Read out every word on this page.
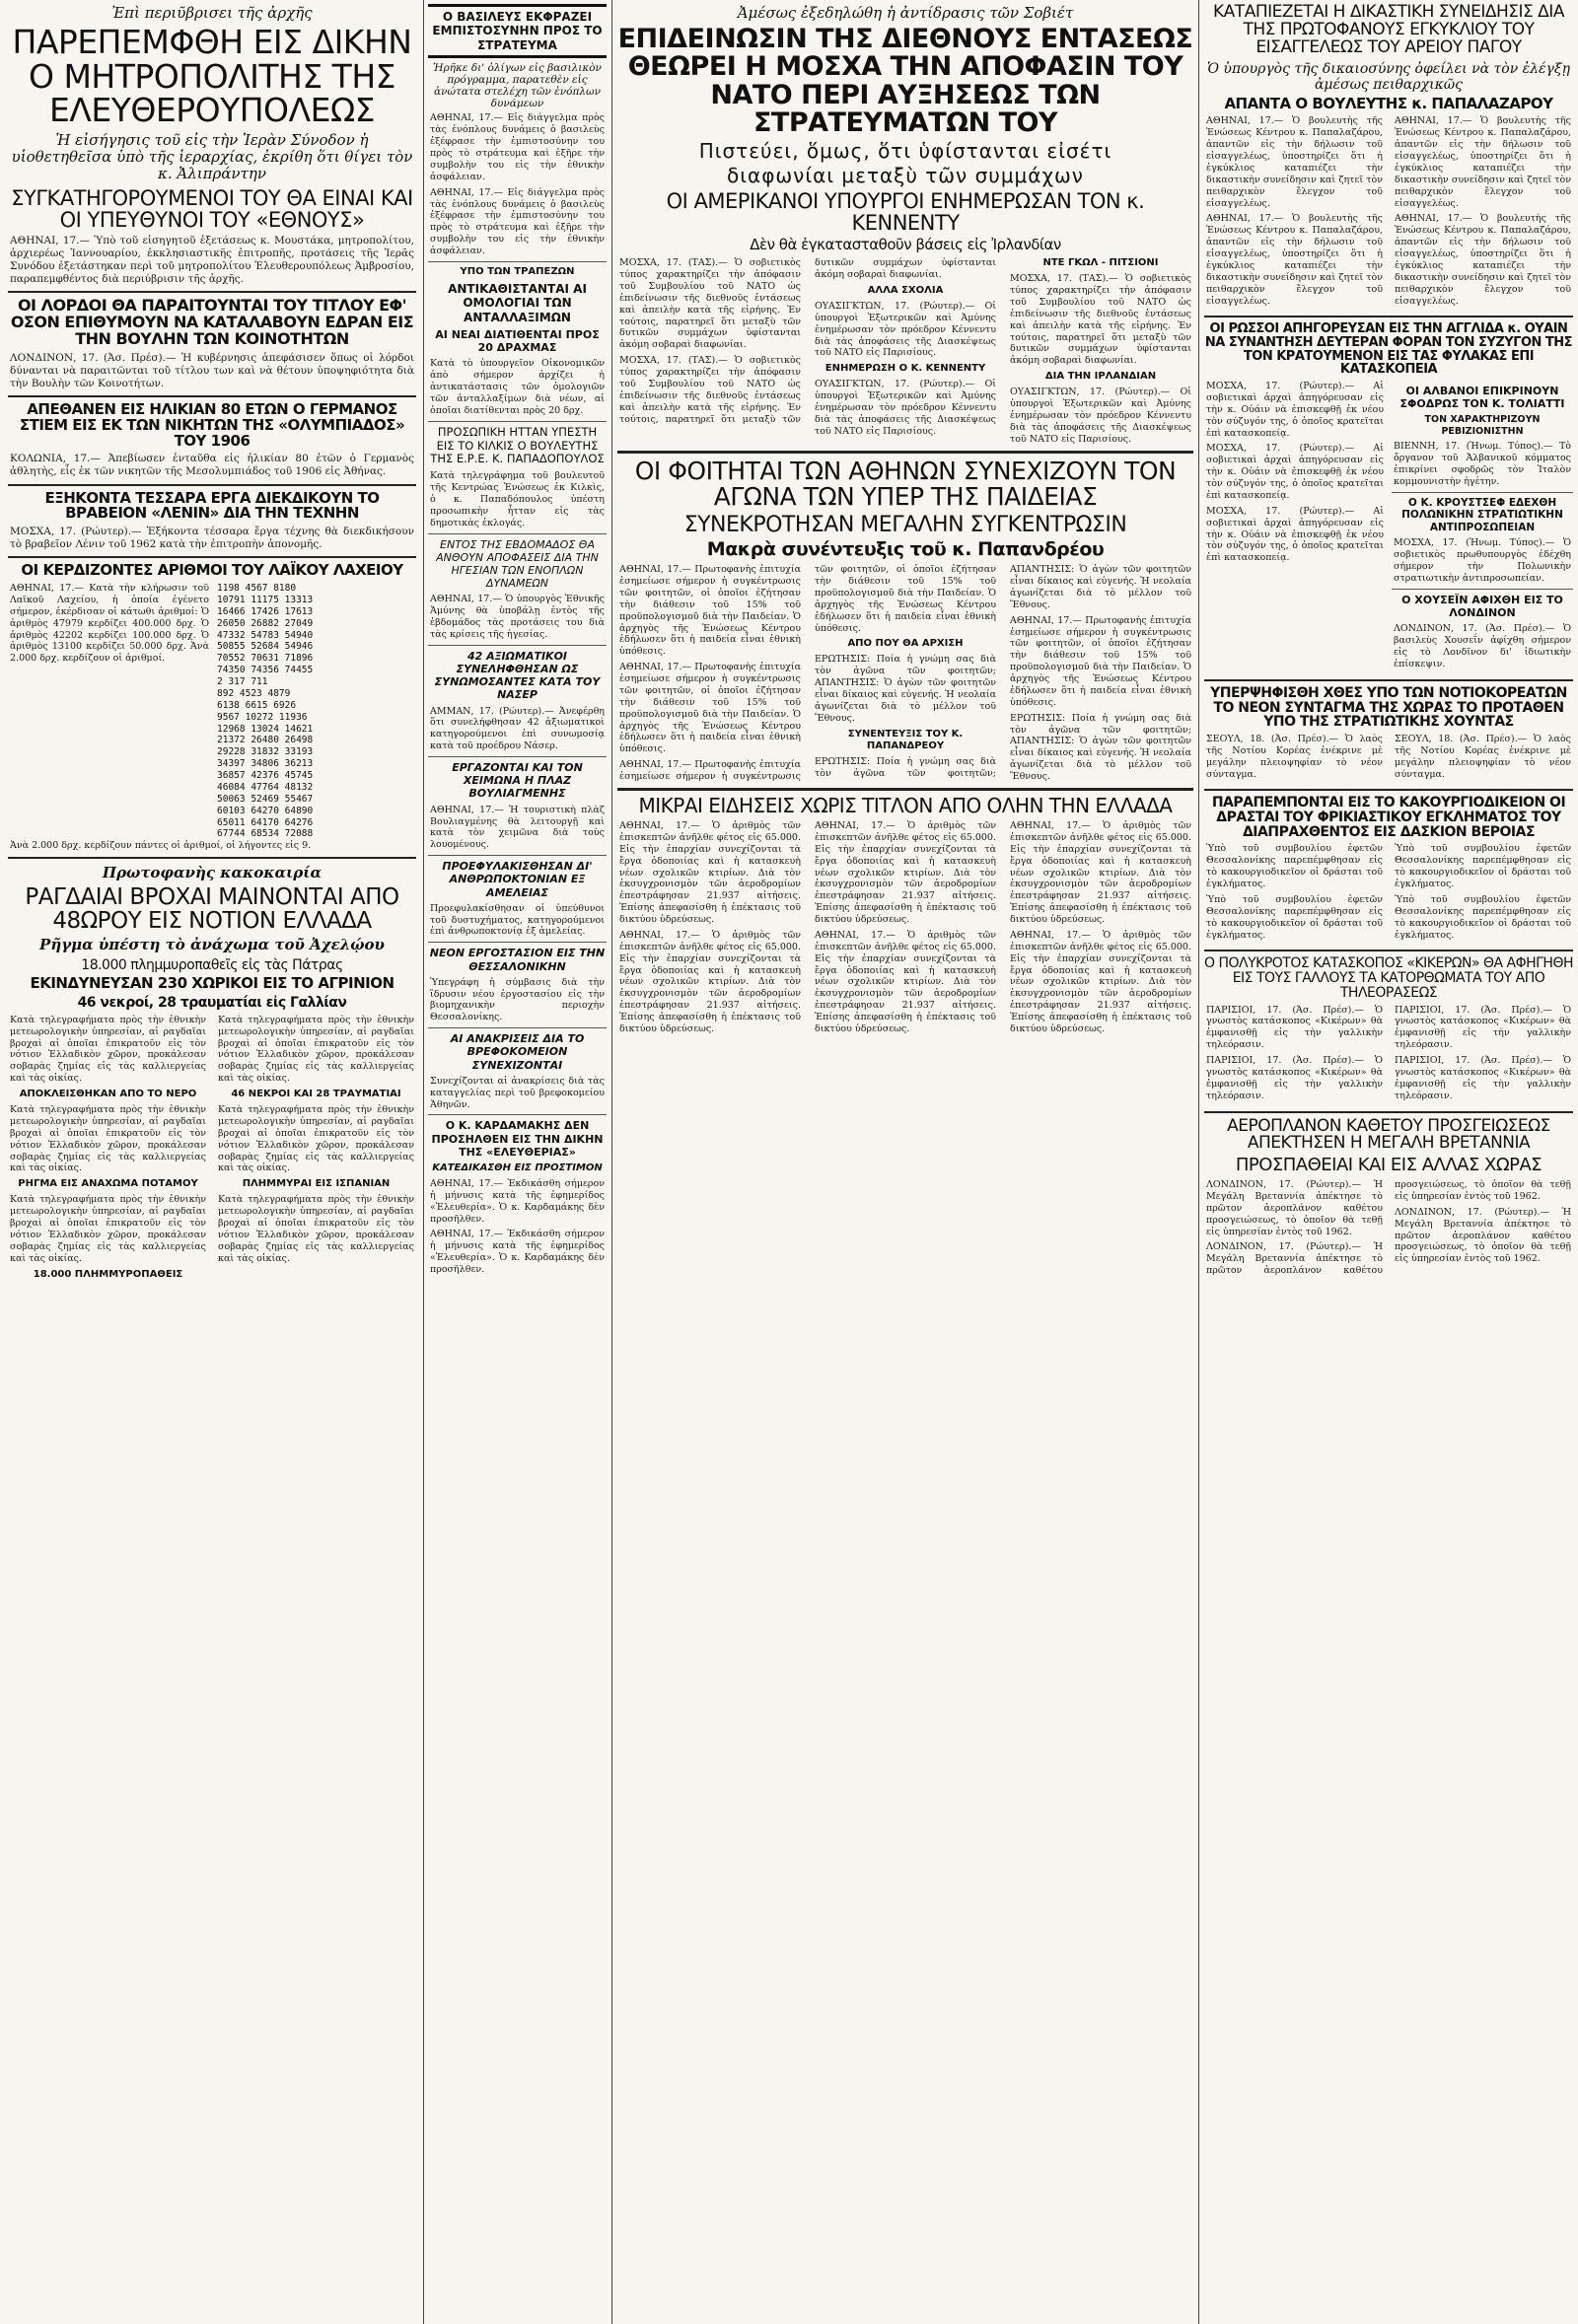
Ἐπὶ περιῦβρισει τῆς ἀρχῆς
ΠΑΡΕΠΕΜΦΘΗ ΕΙΣ ΔΙΚΗΝ Ο ΜΗΤΡΟΠΟΛΙΤΗΣ ΤΗΣ ΕΛΕΥΘΕΡΟΥΠΟΛΕΩΣ
Ἡ εἰσήγησις τοῦ εἰς τὴν Ἱερὰν Σύνοδον ἡ υἱοθετηθεῖσα ὑπὸ τῆς ἱεραρχίας, ἐκρίθη ὅτι θίγει τὸν κ. Ἀλιπράντην
ΣΥΓΚΑΤΗΓΟΡΟΥΜΕΝΟΙ ΤΟΥ ΘΑ ΕΙΝΑΙ ΚΑΙ ΟΙ ΥΠΕΥΘΥΝΟΙ ΤΟΥ «ΕΘΝΟΥΣ»
ΑΘΗΝΑΙ, 17.— Ὑπὸ τοῦ εἰσηγητοῦ ἐξετάσεως κ. Μουστάκα, μητροπολίτου, ἀρχιερέως Ἰαννουαρίου, ἐκκλησιαστικῆς ἐπιτροπῆς, προτάσεις τῆς Ἱερᾶς Συνόδου ἐξετάστηκαν περὶ τοῦ μητροπολίτου Ἐλευθερουπόλεως Ἀμβροσίου, παραπεμφθέντος διὰ περιύβρισιν τῆς ἀρχῆς.
ΟΙ ΛΟΡΔΟΙ ΘΑ ΠΑΡΑΙΤΟΥΝΤΑΙ ΤΟΥ ΤΙΤΛΟΥ ΕΦ' ΟΣΟΝ ΕΠΙΘΥΜΟΥΝ ΝΑ ΚΑΤΑΛΑΒΟΥΝ ΕΔΡΑΝ ΕΙΣ ΤΗΝ ΒΟΥΛΗΝ ΤΩΝ ΚΟΙΝΟΤΗΤΩΝ
ΛΟΝΔΙΝΟΝ, 17. (Ἀσ. Πρέσ).— Ἡ κυβέρνησις ἀπεφάσισεν ὅπως οἱ λόρδοι δύνανται νὰ παραιτῶνται τοῦ τίτλου των καὶ νὰ θέτουν ὑποψηφιότητα διὰ τὴν Βουλὴν τῶν Κοινοτήτων.
ΑΠΕΘΑΝΕΝ ΕΙΣ ΗΛΙΚΙΑΝ 80 ΕΤΩΝ Ο ΓΕΡΜΑΝΟΣ ΣΤΙΕΜ ΕΙΣ ΕΚ ΤΩΝ ΝΙΚΗΤΩΝ ΤΗΣ «ΟΛΥΜΠΙΑΔΟΣ» ΤΟΥ 1906
ΚΟΛΩΝΙΑ, 17.— Ἀπεβίωσεν ἐνταῦθα εἰς ἡλικίαν 80 ἐτῶν ὁ Γερμανὸς ἀθλητὴς, εἷς ἐκ τῶν νικητῶν τῆς Μεσολυμπιάδος τοῦ 1906 εἰς Ἀθήνας.
ΕΞΗΚΟΝΤΑ ΤΕΣΣΑΡΑ ΕΡΓΑ ΔΙΕΚΔΙΚΟΥΝ ΤΟ ΒΡΑΒΕΙΟΝ «ΛΕΝΙΝ» ΔΙΑ ΤΗΝ ΤΕΧΝΗΝ
ΜΟΣΧΑ, 17. (Ρώυτερ).— Ἐξήκοντα τέσσαρα ἔργα τέχνης θὰ διεκδικήσουν τὸ βραβεῖον Λένιν τοῦ 1962 κατὰ τὴν ἐπιτροπὴν ἀπονομῆς.
ΟΙ ΚΕΡΔΙΖΟΝΤΕΣ ΑΡΙΘΜΟΙ ΤΟΥ ΛΑΪΚΟΥ ΛΑΧΕΙΟΥ
ΑΘΗΝΑΙ, 17.— Κατὰ τὴν κλήρωσιν τοῦ Λαϊκοῦ Λαχείου, ἡ ὁποία ἐγένετο σήμερον, ἐκέρδισαν οἱ κάτωθι ἀριθμοί: Ὁ ἀριθμὸς 47979 κερδίζει 400.000 δρχ. Ὁ ἀριθμὸς 42202 κερδίζει 100.000 δρχ. Ὁ ἀριθμὸς 13100 κερδίζει 50.000 δρχ. Ἀνὰ 2.000 δρχ. κερδίζουν οἱ ἀριθμοί.
1198 4567 8180
10791 11175 13313
16466 17426 17613
26050 26882 27049
47332 54783 54940
50855 52684 54946
70552 70631 71896
74350 74356 74455
2 317 711
892 4523 4879
6138 6615 6926
9567 10272 11936
12968 13024 14621
21372 26480 26498
29228 31832 33193
34397 34806 36213
36857 42376 45745
46084 47764 48132
50063 52469 55467
60103 64270 64890
65011 64170 64276
67744 68534 72088
Ἀνὰ 2.000 δρχ. κερδίζουν πάντες οἱ ἀριθμοί, οἱ λήγοντες εἰς 9.
Πρωτοφανὴς κακοκαιρία
ΡΑΓΔΑΙΑΙ ΒΡΟΧΑΙ ΜΑΙΝΟΝΤΑΙ ΑΠΟ 48ΩΡΟΥ ΕΙΣ ΝΟΤΙΟΝ ΕΛΛΑΔΑ
Ρῆγμα ὑπέστη τὸ ἀνάχωμα τοῦ Ἀχελῴου
18.000 πλημμυροπαθεῖς εἰς τὰς Πάτρας
ΕΚΙΝΔΥΝΕΥΣΑΝ 230 ΧΩΡΙΚΟΙ ΕΙΣ ΤΟ ΑΓΡΙΝΙΟΝ
46 νεκροί, 28 τραυματίαι εἰς Γαλλίαν
Κατὰ τηλεγραφήματα πρὸς τὴν ἐθνικὴν μετεωρολογικὴν ὑπηρεσίαν, αἱ ραγδαῖαι βροχαὶ αἱ ὁποῖαι ἐπικρατοῦν εἰς τὸν νότιον Ἑλλαδικὸν χῶρον, προκάλεσαν σοβαρὰς ζημίας εἰς τὰς καλλιεργείας καὶ τὰς οἰκίας.
ΑΠΟΚΛΕΙΣΘΗΚΑΝ ΑΠΟ ΤΟ ΝΕΡΟ
Κατὰ τηλεγραφήματα πρὸς τὴν ἐθνικὴν μετεωρολογικὴν ὑπηρεσίαν, αἱ ραγδαῖαι βροχαὶ αἱ ὁποῖαι ἐπικρατοῦν εἰς τὸν νότιον Ἑλλαδικὸν χῶρον, προκάλεσαν σοβαρὰς ζημίας εἰς τὰς καλλιεργείας καὶ τὰς οἰκίας.
ΡΗΓΜΑ ΕΙΣ ΑΝΑΧΩΜΑ ΠΟΤΑΜΟΥ
Κατὰ τηλεγραφήματα πρὸς τὴν ἐθνικὴν μετεωρολογικὴν ὑπηρεσίαν, αἱ ραγδαῖαι βροχαὶ αἱ ὁποῖαι ἐπικρατοῦν εἰς τὸν νότιον Ἑλλαδικὸν χῶρον, προκάλεσαν σοβαρὰς ζημίας εἰς τὰς καλλιεργείας καὶ τὰς οἰκίας.
18.000 ΠΛΗΜΜΥΡΟΠΑΘΕΙΣ
Κατὰ τηλεγραφήματα πρὸς τὴν ἐθνικὴν μετεωρολογικὴν ὑπηρεσίαν, αἱ ραγδαῖαι βροχαὶ αἱ ὁποῖαι ἐπικρατοῦν εἰς τὸν νότιον Ἑλλαδικὸν χῶρον, προκάλεσαν σοβαρὰς ζημίας εἰς τὰς καλλιεργείας καὶ τὰς οἰκίας.
46 ΝΕΚΡΟΙ ΚΑΙ 28 ΤΡΑΥΜΑΤΙΑΙ
Κατὰ τηλεγραφήματα πρὸς τὴν ἐθνικὴν μετεωρολογικὴν ὑπηρεσίαν, αἱ ραγδαῖαι βροχαὶ αἱ ὁποῖαι ἐπικρατοῦν εἰς τὸν νότιον Ἑλλαδικὸν χῶρον, προκάλεσαν σοβαρὰς ζημίας εἰς τὰς καλλιεργείας καὶ τὰς οἰκίας.
ΠΛΗΜΜΥΡΑΙ ΕΙΣ ΙΣΠΑΝΙΑΝ
Κατὰ τηλεγραφήματα πρὸς τὴν ἐθνικὴν μετεωρολογικὴν ὑπηρεσίαν, αἱ ραγδαῖαι βροχαὶ αἱ ὁποῖαι ἐπικρατοῦν εἰς τὸν νότιον Ἑλλαδικὸν χῶρον, προκάλεσαν σοβαρὰς ζημίας εἰς τὰς καλλιεργείας καὶ τὰς οἰκίας.
Ο ΒΑΣΙΛΕΥΣ ΕΚΦΡΑΖΕΙ ΕΜΠΙΣΤΟΣΥΝΗΝ ΠΡΟΣ ΤΟ ΣΤΡΑΤΕΥΜΑ
Ἠρῆκε δι' ὀλίγων εἰς βασιλικὸν πρόγραμμα, παρατεθὲν εἰς ἀνώτατα στελέχη τῶν ἐνόπλων δυνάμεων
ΑΘΗΝΑΙ, 17.— Εἰς διάγγελμα πρὸς τὰς ἐνόπλους δυνάμεις ὁ βασιλεὺς ἐξέφρασε τὴν ἐμπιστοσύνην του πρὸς τὸ στράτευμα καὶ ἐξῆρε τὴν συμβολὴν του εἰς τὴν ἐθνικὴν ἀσφάλειαν.
ΑΘΗΝΑΙ, 17.— Εἰς διάγγελμα πρὸς τὰς ἐνόπλους δυνάμεις ὁ βασιλεὺς ἐξέφρασε τὴν ἐμπιστοσύνην του πρὸς τὸ στράτευμα καὶ ἐξῆρε τὴν συμβολὴν του εἰς τὴν ἐθνικὴν ἀσφάλειαν.
ΥΠΟ ΤΩΝ ΤΡΑΠΕΖΩΝ
ΑΝΤΙΚΑΘΙΣΤΑΝΤΑΙ ΑΙ ΟΜΟΛΟΓΙΑΙ ΤΩΝ ΑΝΤΑΛΛΑΞΙΜΩΝ
ΑΙ ΝΕΑΙ ΔΙΑΤΙΘΕΝΤΑΙ ΠΡΟΣ 20 ΔΡΑΧΜΑΣ
Κατὰ τὸ ὑπουργεῖον Οἰκονομικῶν ἀπὸ σήμερον ἀρχίζει ἡ ἀντικατάστασις τῶν ὁμολογιῶν τῶν ἀνταλλαξίμων διὰ νέων, αἱ ὁποῖαι διατίθενται πρὸς 20 δρχ.
ΠΡΟΣΩΠΙΚΗ ΗΤΤΑΝ ΥΠΕΣΤΗ ΕΙΣ ΤΟ ΚΙΛΚΙΣ Ο ΒΟΥΛΕΥΤΗΣ ΤΗΣ Ε.Ρ.Ε. Κ. ΠΑΠΑΔΟΠΟΥΛΟΣ
Κατὰ τηλεγράφημα τοῦ βουλευτοῦ τῆς Κεντρώας Ἑνώσεως ἐκ Κιλκὶς, ὁ κ. Παπαδόπουλος ὑπέστη προσωπικὴν ἧτταν εἰς τὰς δημοτικὰς ἐκλογάς.
ΕΝΤΟΣ ΤΗΣ ΕΒΔΟΜΑΔΟΣ ΘΑ ΑΝΘΟΥΝ ΑΠΟΦΑΣΕΙΣ ΔΙΑ ΤΗΝ ΗΓΕΣΙΑΝ ΤΩΝ ΕΝΟΠΛΩΝ ΔΥΝΑΜΕΩΝ
ΑΘΗΝΑΙ, 17.— Ὁ ὑπουργὸς Ἐθνικῆς Ἀμύνης θὰ ὑποβάλῃ ἐντὸς τῆς ἑβδομάδος τὰς προτάσεις του διὰ τὰς κρίσεις τῆς ἡγεσίας.
42 ΑΞΙΩΜΑΤΙΚΟΙ ΣΥΝΕΛΗΦΘΗΣΑΝ ΩΣ ΣΥΝΩΜΟΣΑΝΤΕΣ ΚΑΤΑ ΤΟΥ ΝΑΣΕΡ
ΑΜΜΑΝ, 17. (Ρώυτερ).— Ἀνεφέρθη ὅτι συνελήφθησαν 42 ἀξιωματικοὶ κατηγορούμενοι ἐπὶ συνωμοσίᾳ κατὰ τοῦ προέδρου Νάσερ.
ΕΡΓΑΖΟΝΤΑΙ ΚΑΙ ΤΟΝ ΧΕΙΜΩΝΑ Η ΠΛΑΖ ΒΟΥΛΙΑΓΜΕΝΗΣ
ΑΘΗΝΑΙ, 17.— Ἡ τουριστικὴ πλὰζ Βουλιαγμένης θὰ λειτουργῇ καὶ κατὰ τὸν χειμῶνα διὰ τοὺς λουομένους.
ΠΡΟΕΦΥΛΑΚΙΣΘΗΣΑΝ ΔΙ' ΑΝΘΡΩΠΟΚΤΟΝΙΑΝ ΕΞ ΑΜΕΛΕΙΑΣ
Προεφυλακίσθησαν οἱ ὑπεύθυνοι τοῦ δυστυχήματος, κατηγορούμενοι ἐπὶ ἀνθρωποκτονίᾳ ἐξ ἀμελείας.
ΝΕΟΝ ΕΡΓΟΣΤΑΣΙΟΝ ΕΙΣ ΤΗΝ ΘΕΣΣΑΛΟΝΙΚΗΝ
Ὑπεγράφη ἡ σύμβασις διὰ τὴν ἵδρυσιν νέου ἐργοστασίου εἰς τὴν βιομηχανικὴν περιοχὴν Θεσσαλονίκης.
ΑΙ ΑΝΑΚΡΙΣΕΙΣ ΔΙΑ ΤΟ ΒΡΕΦΟΚΟΜΕΙΟΝ ΣΥΝΕΧΙΖΟΝΤΑΙ
Συνεχίζονται αἱ ἀνακρίσεις διὰ τὰς καταγγελίας περὶ τοῦ βρεφοκομείου Ἀθηνῶν.
Ο Κ. ΚΑΡΔΑΜΑΚΗΣ ΔΕΝ ΠΡΟΣΗΛΘΕΝ ΕΙΣ ΤΗΝ ΔΙΚΗΝ ΤΗΣ «ΕΛΕΥΘΕΡΙΑΣ»
ΚΑΤΕΔΙΚΑΣΘΗ ΕΙΣ ΠΡΟΣΤΙΜΟΝ
ΑΘΗΝΑΙ, 17.— Ἐκδικάσθη σήμερον ἡ μήνυσις κατὰ τῆς ἐφημερίδος «Ἐλευθερία». Ὁ κ. Καρδαμάκης δὲν προσῆλθεν.
ΑΘΗΝΑΙ, 17.— Ἐκδικάσθη σήμερον ἡ μήνυσις κατὰ τῆς ἐφημερίδος «Ἐλευθερία». Ὁ κ. Καρδαμάκης δὲν προσῆλθεν.
Ἀμέσως ἐξεδηλώθη ἡ ἀντίδρασις τῶν Σοβιέτ
ΕΠΙΔΕΙΝΩΣΙΝ ΤΗΣ ΔΙΕΘΝΟΥΣ ΕΝΤΑΣΕΩΣ ΘΕΩΡΕΙ Η ΜΟΣΧΑ ΤΗΝ ΑΠΟΦΑΣΙΝ ΤΟΥ ΝΑΤΟ ΠΕΡΙ ΑΥΞΗΣΕΩΣ ΤΩΝ ΣΤΡΑΤΕΥΜΑΤΩΝ ΤΟΥ
Πιστεύει, ὅμως, ὅτι ὑφίστανται εἰσέτι
διαφωνίαι μεταξὺ τῶν συμμάχων
ΟΙ ΑΜΕΡΙΚΑΝΟΙ ΥΠΟΥΡΓΟΙ ΕΝΗΜΕΡΩΣΑΝ ΤΟΝ κ. ΚΕΝΝΕΝΤΥ
Δὲν θὰ ἐγκατασταθοῦν βάσεις εἰς Ἰρλανδίαν
ΜΟΣΧΑ, 17. (ΤΑΣ).— Ὁ σοβιετικὸς τύπος χαρακτηρίζει τὴν ἀπόφασιν τοῦ Συμβουλίου τοῦ ΝΑΤΟ ὡς ἐπιδείνωσιν τῆς διεθνοῦς ἐντάσεως καὶ ἀπειλὴν κατὰ τῆς εἰρήνης. Ἐν τούτοις, παρατηρεῖ ὅτι μεταξὺ τῶν δυτικῶν συμμάχων ὑφίστανται ἀκόμη σοβαραὶ διαφωνίαι.
ΜΟΣΧΑ, 17. (ΤΑΣ).— Ὁ σοβιετικὸς τύπος χαρακτηρίζει τὴν ἀπόφασιν τοῦ Συμβουλίου τοῦ ΝΑΤΟ ὡς ἐπιδείνωσιν τῆς διεθνοῦς ἐντάσεως καὶ ἀπειλὴν κατὰ τῆς εἰρήνης. Ἐν τούτοις, παρατηρεῖ ὅτι μεταξὺ τῶν δυτικῶν συμμάχων ὑφίστανται ἀκόμη σοβαραὶ διαφωνίαι.
ΑΛΛΑ ΣΧΟΛΙΑ
ΟΥΑΣΙΓΚΤΩΝ, 17. (Ρώυτερ).— Οἱ ὑπουργοὶ Ἐξωτερικῶν καὶ Ἀμύνης ἐνημέρωσαν τὸν πρόεδρον Κέννεντυ διὰ τὰς ἀποφάσεις τῆς Διασκέψεως τοῦ ΝΑΤΟ εἰς Παρισίους.
ΕΝΗΜΕΡΩΣΗ Ο Κ. ΚΕΝΝΕΝΤΥ
ΟΥΑΣΙΓΚΤΩΝ, 17. (Ρώυτερ).— Οἱ ὑπουργοὶ Ἐξωτερικῶν καὶ Ἀμύνης ἐνημέρωσαν τὸν πρόεδρον Κέννεντυ διὰ τὰς ἀποφάσεις τῆς Διασκέψεως τοῦ ΝΑΤΟ εἰς Παρισίους.
ΝΤΕ ΓΚΩΛ - ΠΙΤΣΙΟΝΙ
ΜΟΣΧΑ, 17. (ΤΑΣ).— Ὁ σοβιετικὸς τύπος χαρακτηρίζει τὴν ἀπόφασιν τοῦ Συμβουλίου τοῦ ΝΑΤΟ ὡς ἐπιδείνωσιν τῆς διεθνοῦς ἐντάσεως καὶ ἀπειλὴν κατὰ τῆς εἰρήνης. Ἐν τούτοις, παρατηρεῖ ὅτι μεταξὺ τῶν δυτικῶν συμμάχων ὑφίστανται ἀκόμη σοβαραὶ διαφωνίαι.
ΔΙΑ ΤΗΝ ΙΡΛΑΝΔΙΑΝ
ΟΥΑΣΙΓΚΤΩΝ, 17. (Ρώυτερ).— Οἱ ὑπουργοὶ Ἐξωτερικῶν καὶ Ἀμύνης ἐνημέρωσαν τὸν πρόεδρον Κέννεντυ διὰ τὰς ἀποφάσεις τῆς Διασκέψεως τοῦ ΝΑΤΟ εἰς Παρισίους.
ΟΙ ΦΟΙΤΗΤΑΙ ΤΩΝ ΑΘΗΝΩΝ ΣΥΝΕΧΙΖΟΥΝ ΤΟΝ ΑΓΩΝΑ ΤΩΝ ΥΠΕΡ ΤΗΣ ΠΑΙΔΕΙΑΣ
ΣΥΝΕΚΡΟΤΗΣΑΝ ΜΕΓΑΛΗΝ ΣΥΓΚΕΝΤΡΩΣΙΝ
Μακρὰ συνέντευξις τοῦ κ. Παπανδρέου
ΑΘΗΝΑΙ, 17.— Πρωτοφανὴς ἐπιτυχία ἐσημείωσε σήμερον ἡ συγκέντρωσις τῶν φοιτητῶν, οἱ ὁποῖοι ἐζήτησαν τὴν διάθεσιν τοῦ 15% τοῦ προϋπολογισμοῦ διὰ τὴν Παιδείαν. Ὁ ἀρχηγὸς τῆς Ἑνώσεως Κέντρου ἐδήλωσεν ὅτι ἡ παιδεία εἶναι ἐθνικὴ ὑπόθεσις.
ΑΘΗΝΑΙ, 17.— Πρωτοφανὴς ἐπιτυχία ἐσημείωσε σήμερον ἡ συγκέντρωσις τῶν φοιτητῶν, οἱ ὁποῖοι ἐζήτησαν τὴν διάθεσιν τοῦ 15% τοῦ προϋπολογισμοῦ διὰ τὴν Παιδείαν. Ὁ ἀρχηγὸς τῆς Ἑνώσεως Κέντρου ἐδήλωσεν ὅτι ἡ παιδεία εἶναι ἐθνικὴ ὑπόθεσις.
ΑΘΗΝΑΙ, 17.— Πρωτοφανὴς ἐπιτυχία ἐσημείωσε σήμερον ἡ συγκέντρωσις τῶν φοιτητῶν, οἱ ὁποῖοι ἐζήτησαν τὴν διάθεσιν τοῦ 15% τοῦ προϋπολογισμοῦ διὰ τὴν Παιδείαν. Ὁ ἀρχηγὸς τῆς Ἑνώσεως Κέντρου ἐδήλωσεν ὅτι ἡ παιδεία εἶναι ἐθνικὴ ὑπόθεσις.
ΑΠΟ ΠΟΥ ΘΑ ΑΡΧΙΣΗ
ΕΡΩΤΗΣΙΣ: Ποία ἡ γνώμη σας διὰ τὸν ἀγῶνα τῶν φοιτητῶν; ΑΠΑΝΤΗΣΙΣ: Ὁ ἀγὼν τῶν φοιτητῶν εἶναι δίκαιος καὶ εὐγενής. Ἡ νεολαία ἀγωνίζεται διὰ τὸ μέλλον τοῦ Ἔθνους.
ΣΥΝΕΝΤΕΥΞΙΣ ΤΟΥ Κ. ΠΑΠΑΝΔΡΕΟΥ
ΕΡΩΤΗΣΙΣ: Ποία ἡ γνώμη σας διὰ τὸν ἀγῶνα τῶν φοιτητῶν; ΑΠΑΝΤΗΣΙΣ: Ὁ ἀγὼν τῶν φοιτητῶν εἶναι δίκαιος καὶ εὐγενής. Ἡ νεολαία ἀγωνίζεται διὰ τὸ μέλλον τοῦ Ἔθνους.
ΑΘΗΝΑΙ, 17.— Πρωτοφανὴς ἐπιτυχία ἐσημείωσε σήμερον ἡ συγκέντρωσις τῶν φοιτητῶν, οἱ ὁποῖοι ἐζήτησαν τὴν διάθεσιν τοῦ 15% τοῦ προϋπολογισμοῦ διὰ τὴν Παιδείαν. Ὁ ἀρχηγὸς τῆς Ἑνώσεως Κέντρου ἐδήλωσεν ὅτι ἡ παιδεία εἶναι ἐθνικὴ ὑπόθεσις.
ΕΡΩΤΗΣΙΣ: Ποία ἡ γνώμη σας διὰ τὸν ἀγῶνα τῶν φοιτητῶν; ΑΠΑΝΤΗΣΙΣ: Ὁ ἀγὼν τῶν φοιτητῶν εἶναι δίκαιος καὶ εὐγενής. Ἡ νεολαία ἀγωνίζεται διὰ τὸ μέλλον τοῦ Ἔθνους.
ΜΙΚΡΑΙ ΕΙΔΗΣΕΙΣ ΧΩΡΙΣ ΤΙΤΛΟΝ ΑΠΟ ΟΛΗΝ ΤΗΝ ΕΛΛΑΔΑ
ΑΘΗΝΑΙ, 17.— Ὁ ἀριθμὸς τῶν ἐπισκεπτῶν ἀνῆλθε φέτος εἰς 65.000. Εἰς τὴν ἐπαρχίαν συνεχίζονται τὰ ἔργα ὁδοποιίας καὶ ἡ κατασκευὴ νέων σχολικῶν κτιρίων. Διὰ τὸν ἐκσυγχρονισμὸν τῶν ἀεροδρομίων ἐπεστράφησαν 21.937 αἰτήσεις. Ἐπίσης ἀπεφασίσθη ἡ ἐπέκτασις τοῦ δικτύου ὑδρεύσεως.
ΑΘΗΝΑΙ, 17.— Ὁ ἀριθμὸς τῶν ἐπισκεπτῶν ἀνῆλθε φέτος εἰς 65.000. Εἰς τὴν ἐπαρχίαν συνεχίζονται τὰ ἔργα ὁδοποιίας καὶ ἡ κατασκευὴ νέων σχολικῶν κτιρίων. Διὰ τὸν ἐκσυγχρονισμὸν τῶν ἀεροδρομίων ἐπεστράφησαν 21.937 αἰτήσεις. Ἐπίσης ἀπεφασίσθη ἡ ἐπέκτασις τοῦ δικτύου ὑδρεύσεως.
ΑΘΗΝΑΙ, 17.— Ὁ ἀριθμὸς τῶν ἐπισκεπτῶν ἀνῆλθε φέτος εἰς 65.000. Εἰς τὴν ἐπαρχίαν συνεχίζονται τὰ ἔργα ὁδοποιίας καὶ ἡ κατασκευὴ νέων σχολικῶν κτιρίων. Διὰ τὸν ἐκσυγχρονισμὸν τῶν ἀεροδρομίων ἐπεστράφησαν 21.937 αἰτήσεις. Ἐπίσης ἀπεφασίσθη ἡ ἐπέκτασις τοῦ δικτύου ὑδρεύσεως.
ΑΘΗΝΑΙ, 17.— Ὁ ἀριθμὸς τῶν ἐπισκεπτῶν ἀνῆλθε φέτος εἰς 65.000. Εἰς τὴν ἐπαρχίαν συνεχίζονται τὰ ἔργα ὁδοποιίας καὶ ἡ κατασκευὴ νέων σχολικῶν κτιρίων. Διὰ τὸν ἐκσυγχρονισμὸν τῶν ἀεροδρομίων ἐπεστράφησαν 21.937 αἰτήσεις. Ἐπίσης ἀπεφασίσθη ἡ ἐπέκτασις τοῦ δικτύου ὑδρεύσεως.
ΑΘΗΝΑΙ, 17.— Ὁ ἀριθμὸς τῶν ἐπισκεπτῶν ἀνῆλθε φέτος εἰς 65.000. Εἰς τὴν ἐπαρχίαν συνεχίζονται τὰ ἔργα ὁδοποιίας καὶ ἡ κατασκευὴ νέων σχολικῶν κτιρίων. Διὰ τὸν ἐκσυγχρονισμὸν τῶν ἀεροδρομίων ἐπεστράφησαν 21.937 αἰτήσεις. Ἐπίσης ἀπεφασίσθη ἡ ἐπέκτασις τοῦ δικτύου ὑδρεύσεως.
ΑΘΗΝΑΙ, 17.— Ὁ ἀριθμὸς τῶν ἐπισκεπτῶν ἀνῆλθε φέτος εἰς 65.000. Εἰς τὴν ἐπαρχίαν συνεχίζονται τὰ ἔργα ὁδοποιίας καὶ ἡ κατασκευὴ νέων σχολικῶν κτιρίων. Διὰ τὸν ἐκσυγχρονισμὸν τῶν ἀεροδρομίων ἐπεστράφησαν 21.937 αἰτήσεις. Ἐπίσης ἀπεφασίσθη ἡ ἐπέκτασις τοῦ δικτύου ὑδρεύσεως.
ΚΑΤΑΠΙΕΖΕΤΑΙ Η ΔΙΚΑΣΤΙΚΗ ΣΥΝΕΙΔΗΣΙΣ ΔΙΑ ΤΗΣ ΠΡΩΤΟΦΑΝΟΥΣ ΕΓΚΥΚΛΙΟΥ ΤΟΥ ΕΙΣΑΓΓΕΛΕΩΣ ΤΟΥ ΑΡΕΙΟΥ ΠΑΓΟΥ
Ὁ ὑπουργὸς τῆς δικαιοσύνης ὀφείλει νὰ τὸν ἐλέγξῃ ἀμέσως πειθαρχικῶς
ΑΠΑΝΤΑ Ο ΒΟΥΛΕΥΤΗΣ κ. ΠΑΠΑΛΑΖΑΡΟΥ
ΑΘΗΝΑΙ, 17.— Ὁ βουλευτὴς τῆς Ἑνώσεως Κέντρου κ. Παπαλαζάρου, ἀπαντῶν εἰς τὴν δήλωσιν τοῦ εἰσαγγελέως, ὑποστηρίζει ὅτι ἡ ἐγκύκλιος καταπιέζει τὴν δικαστικὴν συνείδησιν καὶ ζητεῖ τὸν πειθαρχικὸν ἔλεγχον τοῦ εἰσαγγελέως.
ΑΘΗΝΑΙ, 17.— Ὁ βουλευτὴς τῆς Ἑνώσεως Κέντρου κ. Παπαλαζάρου, ἀπαντῶν εἰς τὴν δήλωσιν τοῦ εἰσαγγελέως, ὑποστηρίζει ὅτι ἡ ἐγκύκλιος καταπιέζει τὴν δικαστικὴν συνείδησιν καὶ ζητεῖ τὸν πειθαρχικὸν ἔλεγχον τοῦ εἰσαγγελέως.
ΑΘΗΝΑΙ, 17.— Ὁ βουλευτὴς τῆς Ἑνώσεως Κέντρου κ. Παπαλαζάρου, ἀπαντῶν εἰς τὴν δήλωσιν τοῦ εἰσαγγελέως, ὑποστηρίζει ὅτι ἡ ἐγκύκλιος καταπιέζει τὴν δικαστικὴν συνείδησιν καὶ ζητεῖ τὸν πειθαρχικὸν ἔλεγχον τοῦ εἰσαγγελέως.
ΑΘΗΝΑΙ, 17.— Ὁ βουλευτὴς τῆς Ἑνώσεως Κέντρου κ. Παπαλαζάρου, ἀπαντῶν εἰς τὴν δήλωσιν τοῦ εἰσαγγελέως, ὑποστηρίζει ὅτι ἡ ἐγκύκλιος καταπιέζει τὴν δικαστικὴν συνείδησιν καὶ ζητεῖ τὸν πειθαρχικὸν ἔλεγχον τοῦ εἰσαγγελέως.
ΟΙ ΡΩΣΣΟΙ ΑΠΗΓΟΡΕΥΣΑΝ ΕΙΣ ΤΗΝ ΑΓΓΛΙΔΑ κ. ΟΥΑΙΝ ΝΑ ΣΥΝΑΝΤΗΣΗ ΔΕΥΤΕΡΑΝ ΦΟΡΑΝ ΤΟΝ ΣΥΖΥΓΟΝ ΤΗΣ ΤΟΝ ΚΡΑΤΟΥΜΕΝΟΝ ΕΙΣ ΤΑΣ ΦΥΛΑΚΑΣ ΕΠΙ ΚΑΤΑΣΚΟΠΕΙΑ
ΜΟΣΧΑ, 17. (Ρώυτερ).— Αἱ σοβιετικαὶ ἀρχαὶ ἀπηγόρευσαν εἰς τὴν κ. Οὐάιν νὰ ἐπισκεφθῇ ἐκ νέου τὸν σύζυγόν της, ὁ ὁποῖος κρατεῖται ἐπὶ κατασκοπείᾳ.
ΜΟΣΧΑ, 17. (Ρώυτερ).— Αἱ σοβιετικαὶ ἀρχαὶ ἀπηγόρευσαν εἰς τὴν κ. Οὐάιν νὰ ἐπισκεφθῇ ἐκ νέου τὸν σύζυγόν της, ὁ ὁποῖος κρατεῖται ἐπὶ κατασκοπείᾳ.
ΜΟΣΧΑ, 17. (Ρώυτερ).— Αἱ σοβιετικαὶ ἀρχαὶ ἀπηγόρευσαν εἰς τὴν κ. Οὐάιν νὰ ἐπισκεφθῇ ἐκ νέου τὸν σύζυγόν της, ὁ ὁποῖος κρατεῖται ἐπὶ κατασκοπείᾳ.
ΟΙ ΑΛΒΑΝΟΙ ΕΠΙΚΡΙΝΟΥΝ ΣΦΟΔΡΩΣ ΤΟΝ Κ. ΤΟΛΙΑΤΤΙ
ΤΟΝ ΧΑΡΑΚΤΗΡΙΖΟΥΝ ΡΕΒΙΖΙΟΝΙΣΤΗΝ
ΒΙΕΝΝΗ, 17. (Ἡνωμ. Τύπος).— Τὸ ὄργανον τοῦ Ἀλβανικοῦ κόμματος ἐπικρίνει σφοδρῶς τὸν Ἰταλὸν κομμουνιστὴν ἡγέτην.
Ο Κ. ΚΡΟΥΣΤΣΕΦ ΕΔΕΧΘΗ ΠΟΛΩΝΙΚΗΝ ΣΤΡΑΤΙΩΤΙΚΗΝ ΑΝΤΙΠΡΟΣΩΠΕΙΑΝ
ΜΟΣΧΑ, 17. (Ἡνωμ. Τύπος).— Ὁ σοβιετικὸς πρωθυπουργὸς ἐδέχθη σήμερον τὴν Πολωνικὴν στρατιωτικὴν ἀντιπροσωπείαν.
Ο ΧΟΥΣΕΪΝ ΑΦΙΧΘΗ ΕΙΣ ΤΟ ΛΟΝΔΙΝΟΝ
ΛΟΝΔΙΝΟΝ, 17. (Ἀσ. Πρέσ).— Ὁ βασιλεὺς Χουσεΐν ἀφίχθη σήμερον εἰς τὸ Λονδῖνον δι' ἰδιωτικὴν ἐπίσκεψιν.
ΥΠΕΡΨΗΦΙΣΘΗ ΧΘΕΣ ΥΠΟ ΤΩΝ ΝΟΤΙΟΚΟΡΕΑΤΩΝ ΤΟ ΝΕΟΝ ΣΥΝΤΑΓΜΑ ΤΗΣ ΧΩΡΑΣ ΤΟ ΠΡΟΤΑΘΕΝ ΥΠΟ ΤΗΣ ΣΤΡΑΤΙΩΤΙΚΗΣ ΧΟΥΝΤΑΣ
ΣΕΟΥΛ, 18. (Ἀσ. Πρέσ).— Ὁ λαὸς τῆς Νοτίου Κορέας ἐνέκρινε μὲ μεγάλην πλειοψηφίαν τὸ νέον σύνταγμα.
ΣΕΟΥΛ, 18. (Ἀσ. Πρέσ).— Ὁ λαὸς τῆς Νοτίου Κορέας ἐνέκρινε μὲ μεγάλην πλειοψηφίαν τὸ νέον σύνταγμα.
ΠΑΡΑΠΕΜΠΟΝΤΑΙ ΕΙΣ ΤΟ ΚΑΚΟΥΡΓΙΟΔΙΚΕΙΟΝ ΟΙ ΔΡΑΣΤΑΙ ΤΟΥ ΦΡΙΚΙΑΣΤΙΚΟΥ ΕΓΚΛΗΜΑΤΟΣ ΤΟΥ ΔΙΑΠΡΑΧΘΕΝΤΟΣ ΕΙΣ ΔΑΣΚΙΟΝ ΒΕΡΟΙΑΣ
Ὑπὸ τοῦ συμβουλίου ἐφετῶν Θεσσαλονίκης παρεπέμφθησαν εἰς τὸ κακουργιοδικεῖον οἱ δράσται τοῦ ἐγκλήματος.
Ὑπὸ τοῦ συμβουλίου ἐφετῶν Θεσσαλονίκης παρεπέμφθησαν εἰς τὸ κακουργιοδικεῖον οἱ δράσται τοῦ ἐγκλήματος.
Ὑπὸ τοῦ συμβουλίου ἐφετῶν Θεσσαλονίκης παρεπέμφθησαν εἰς τὸ κακουργιοδικεῖον οἱ δράσται τοῦ ἐγκλήματος.
Ὑπὸ τοῦ συμβουλίου ἐφετῶν Θεσσαλονίκης παρεπέμφθησαν εἰς τὸ κακουργιοδικεῖον οἱ δράσται τοῦ ἐγκλήματος.
Ο ΠΟΛΥΚΡΟΤΟΣ ΚΑΤΑΣΚΟΠΟΣ «ΚΙΚΕΡΩΝ» ΘΑ ΑΦΗΓΗΘΗ ΕΙΣ ΤΟΥΣ ΓΑΛΛΟΥΣ ΤΑ ΚΑΤΟΡΘΩΜΑΤΑ ΤΟΥ ΑΠΟ ΤΗΛΕΟΡΑΣΕΩΣ
ΠΑΡΙΣΙΟΙ, 17. (Ἀσ. Πρέσ).— Ὁ γνωστὸς κατάσκοπος «Κικέρων» θὰ ἐμφανισθῇ εἰς τὴν γαλλικὴν τηλεόρασιν.
ΠΑΡΙΣΙΟΙ, 17. (Ἀσ. Πρέσ).— Ὁ γνωστὸς κατάσκοπος «Κικέρων» θὰ ἐμφανισθῇ εἰς τὴν γαλλικὴν τηλεόρασιν.
ΠΑΡΙΣΙΟΙ, 17. (Ἀσ. Πρέσ).— Ὁ γνωστὸς κατάσκοπος «Κικέρων» θὰ ἐμφανισθῇ εἰς τὴν γαλλικὴν τηλεόρασιν.
ΠΑΡΙΣΙΟΙ, 17. (Ἀσ. Πρέσ).— Ὁ γνωστὸς κατάσκοπος «Κικέρων» θὰ ἐμφανισθῇ εἰς τὴν γαλλικὴν τηλεόρασιν.
ΑΕΡΟΠΛΑΝΟΝ ΚΑΘΕΤΟΥ ΠΡΟΣΓΕΙΩΣΕΩΣ ΑΠΕΚΤΗΣΕΝ Η ΜΕΓΑΛΗ ΒΡΕΤΑΝΝΙΑ
ΠΡΟΣΠΑΘΕΙΑΙ ΚΑΙ ΕΙΣ ΑΛΛΑΣ ΧΩΡΑΣ
ΛΟΝΔΙΝΟΝ, 17. (Ρώυτερ).— Ἡ Μεγάλη Βρεταννία ἀπέκτησε τὸ πρῶτον ἀεροπλάνον καθέτου προσγειώσεως, τὸ ὁποῖον θὰ τεθῇ εἰς ὑπηρεσίαν ἐντὸς τοῦ 1962.
ΛΟΝΔΙΝΟΝ, 17. (Ρώυτερ).— Ἡ Μεγάλη Βρεταννία ἀπέκτησε τὸ πρῶτον ἀεροπλάνον καθέτου προσγειώσεως, τὸ ὁποῖον θὰ τεθῇ εἰς ὑπηρεσίαν ἐντὸς τοῦ 1962.
ΛΟΝΔΙΝΟΝ, 17. (Ρώυτερ).— Ἡ Μεγάλη Βρεταννία ἀπέκτησε τὸ πρῶτον ἀεροπλάνον καθέτου προσγειώσεως, τὸ ὁποῖον θὰ τεθῇ εἰς ὑπηρεσίαν ἐντὸς τοῦ 1962.
